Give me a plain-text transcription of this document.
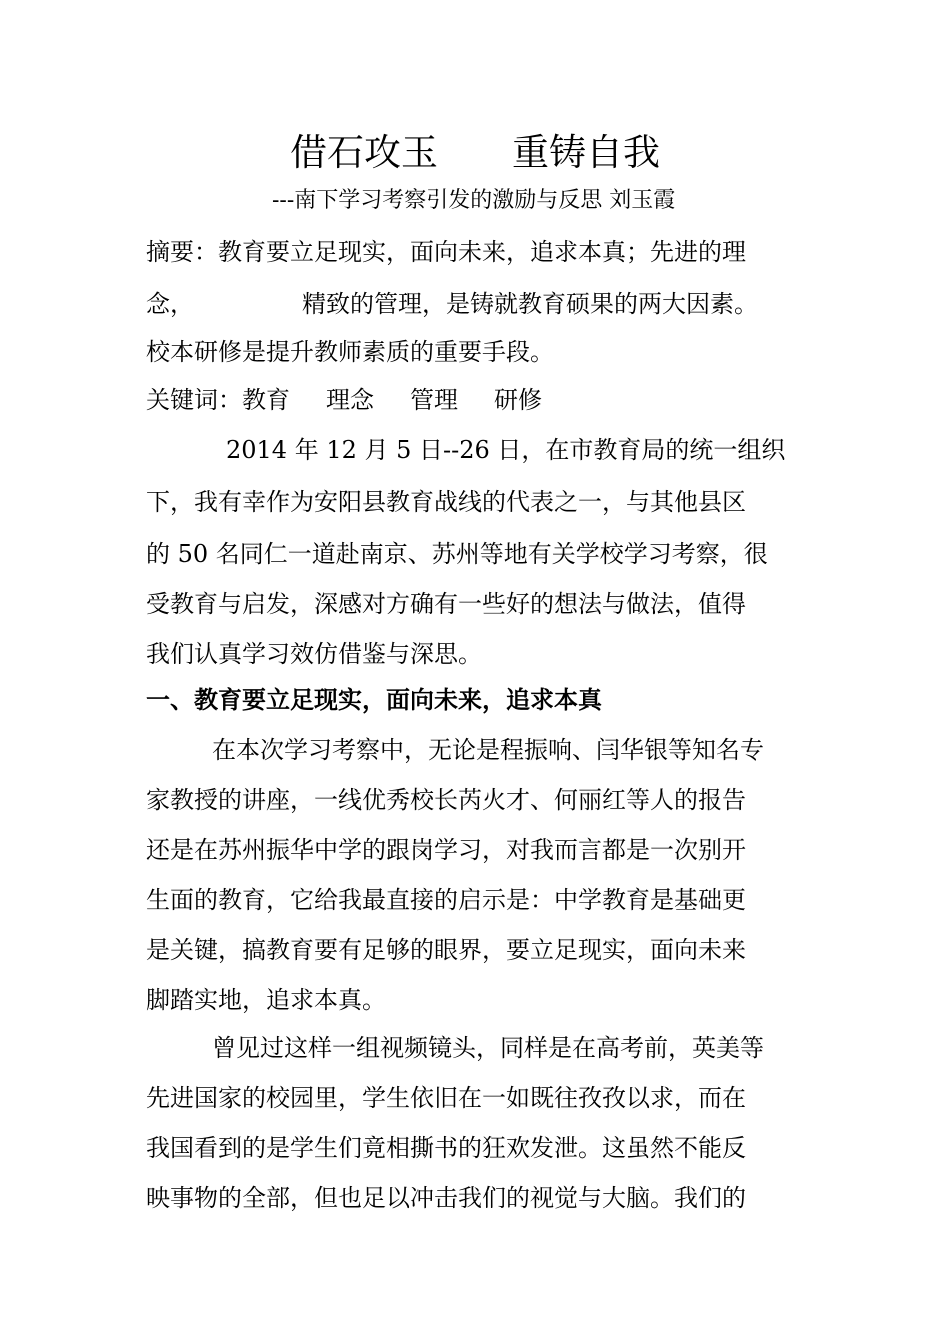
借石攻玉　　重铸自我
---南下学习考察引发的激励与反思 刘玉霞
摘要：教育要立足现实，面向未来，追求本真；先进的理
念，	精致的管理，是铸就教育硕果的两大因素。
校本研修是提升教师素质的重要手段。
关键词：教育 理念 管理 研修
2014 年 12 月 5 日--26 日，在市教育局的统一组织
下，我有幸作为安阳县教育战线的代表之一，与其他县区
的 50 名同仁一道赴南京、苏州等地有关学校学习考察，很
受教育与启发，深感对方确有一些好的想法与做法，值得
我们认真学习效仿借鉴与深思。
一、教育要立足现实，面向未来，追求本真
在本次学习考察中，无论是程振响、闫华银等知名专
家教授的讲座，一线优秀校长芮火才、何丽红等人的报告
还是在苏州振华中学的跟岗学习，对我而言都是一次别开
生面的教育，它给我最直接的启示是：中学教育是基础更
是关键，搞教育要有足够的眼界，要立足现实，面向未来
脚踏实地，追求本真。
曾见过这样一组视频镜头，同样是在高考前，英美等
先进国家的校园里，学生依旧在一如既往孜孜以求，而在
我国看到的是学生们竟相撕书的狂欢发泄。这虽然不能反
映事物的全部，但也足以冲击我们的视觉与大脑。我们的
